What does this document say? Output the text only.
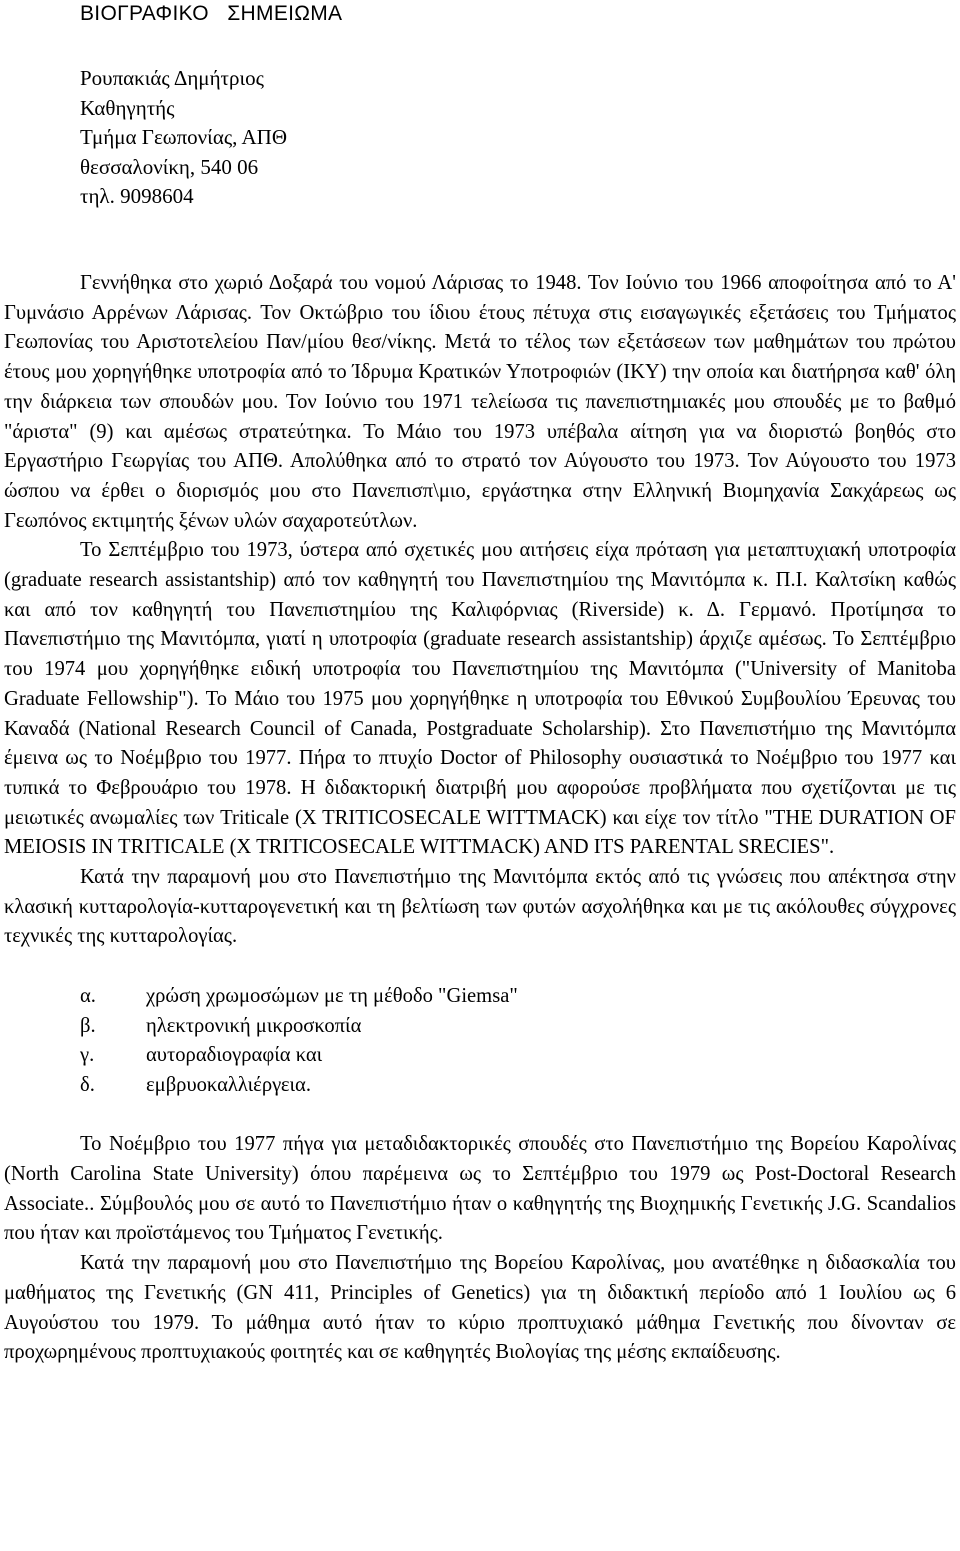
ΒΙΟΓΡΑΦΙΚΟ   ΣΗΜΕΙΩΜΑ
Ρουπακιάς Δημήτριος
Καθηγητής
Τμήμα Γεωπονίας, ΑΠΘ
θεσσαλονίκη, 540 06
τηλ. 9098604

Γεννήθηκα στο χωριό Δοξαρά του νομού Λάρισας το 1948. Τον Ιούνιο του 1966 αποφοίτησα από το Α' Γυμνάσιο Αρρένων Λάρισας. Τον Οκτώβριο του ίδιου έτους πέτυχα στις εισαγωγικές εξετάσεις του Τμήματος Γεωπονίας του Αριστοτελείου Παν/μίου θεσ/νίκης. Μετά το τέλος των εξετάσεων των μαθημάτων του πρώτου έτους μου χορηγήθηκε υποτροφία από το Ίδρυμα Κρατικών Υποτροφιών (ΙΚΥ) την οποία και διατήρησα καθ' όλη την διάρκεια των σπουδών μου. Τον Ιούνιο του 1971 τελείωσα τις πανεπιστημιακές μου σπουδές με το βαθμό "άριστα" (9) και αμέσως στρατεύτηκα. Το Μάιο του 1973 υπέβαλα αίτηση για να διοριστώ βοηθός στο Εργαστήριο Γεωργίας του ΑΠΘ. Απολύθηκα από το στρατό τον Αύγουστο του 1973. Τον Αύγουστο του 1973 ώσπου να έρθει ο διορισμός μου στο Πανεπισπ\μιο, εργάστηκα στην Ελληνική Βιομηχανία Σακχάρεως ως Γεωπόνος εκτιμητής ξένων υλών σαχαροτεύτλων.

Το Σεπτέμβριο του 1973, ύστερα από σχετικές μου αιτήσεις είχα πρόταση για μεταπτυχιακή υποτροφία (graduate research assistantship) από τον καθηγητή του Πανεπιστημίου της Μανιτόμπα κ. Π.Ι. Καλτσίκη καθώς και από τον καθηγητή του Πανεπιστημίου της Καλιφόρνιας (Riverside) κ. Δ. Γερμανό. Προτίμησα το Πανεπιστήμιο της Μανιτόμπα, γιατί η υποτροφία (graduate research assistantship) άρχιζε αμέσως. Το Σεπτέμβριο του 1974 μου χορηγήθηκε ειδική υποτροφία του Πανεπιστημίου της Μανιτόμπα ("University of Manitoba Graduate Fellowship"). Το Μάιο του 1975 μου χορηγήθηκε η υποτροφία του Εθνικού Συμβουλίου Έρευνας του Καναδά (National Research Council of Canada, Postgraduate Scholarship). Στο Πανεπιστήμιο της Μανιτόμπα έμεινα ως το Νοέμβριο του 1977. Πήρα το πτυχίο Doctor of Philosophy ουσιαστικά το Νοέμβριο του 1977 και τυπικά το Φεβρουάριο του 1978. Η διδακτορική διατριβή μου αφορούσε προβλήματα που σχετίζονται με τις μειωτικές ανωμαλίες των Triticale (X TRITICOSECALE WITTMACK) και είχε τον τίτλο "THE DURATION OF MEIOSIS IN TRITICALE (X TRITICOSECALE WITTMACK) AND ITS PARENTAL SRECIES".

Κατά την παραμονή μου στο Πανεπιστήμιο της Μανιτόμπα εκτός από τις γνώσεις που απέκτησα στην κλασική κυτταρολογία-κυτταρογενετική και τη βελτίωση των φυτών ασχολήθηκα και με τις ακόλουθες σύγχρονες τεχνικές της κυτταρολογίας.

α.	χρώση χρωμοσώμων με τη μέθοδο "Giemsa"
β.	ηλεκτρονική μικροσκοπία
γ.	αυτοραδιογραφία και
δ.	εμβρυοκαλλιέργεια.

Το Νοέμβριο του 1977 πήγα για μεταδιδακτορικές σπουδές στο Πανεπιστήμιο της Βορείου Καρολίνας (North Carolina State University) όπου παρέμεινα ως το Σεπτέμβριο του 1979 ως Post-Doctoral Research Associate.. Σύμβουλός μου σε αυτό το Πανεπιστήμιο ήταν ο καθηγητής της Βιοχημικής Γενετικής J.G. Scandalios που ήταν και προϊστάμενος του Τμήματος Γενετικής.

Κατά την παραμονή μου στο Πανεπιστήμιο της Βορείου Καρολίνας, μου ανατέθηκε η διδασκαλία του μαθήματος της Γενετικής (GN 411, Principles of Genetics) για τη διδακτική περίοδο από 1 Ιουλίου ως 6 Αυγούστου του 1979. Το μάθημα αυτό ήταν το κύριο προπτυχιακό μάθημα Γενετικής που δίνονταν σε προχωρημένους προπτυχιακούς φοιτητές και σε καθηγητές Βιολογίας της μέσης εκπαίδευσης.
